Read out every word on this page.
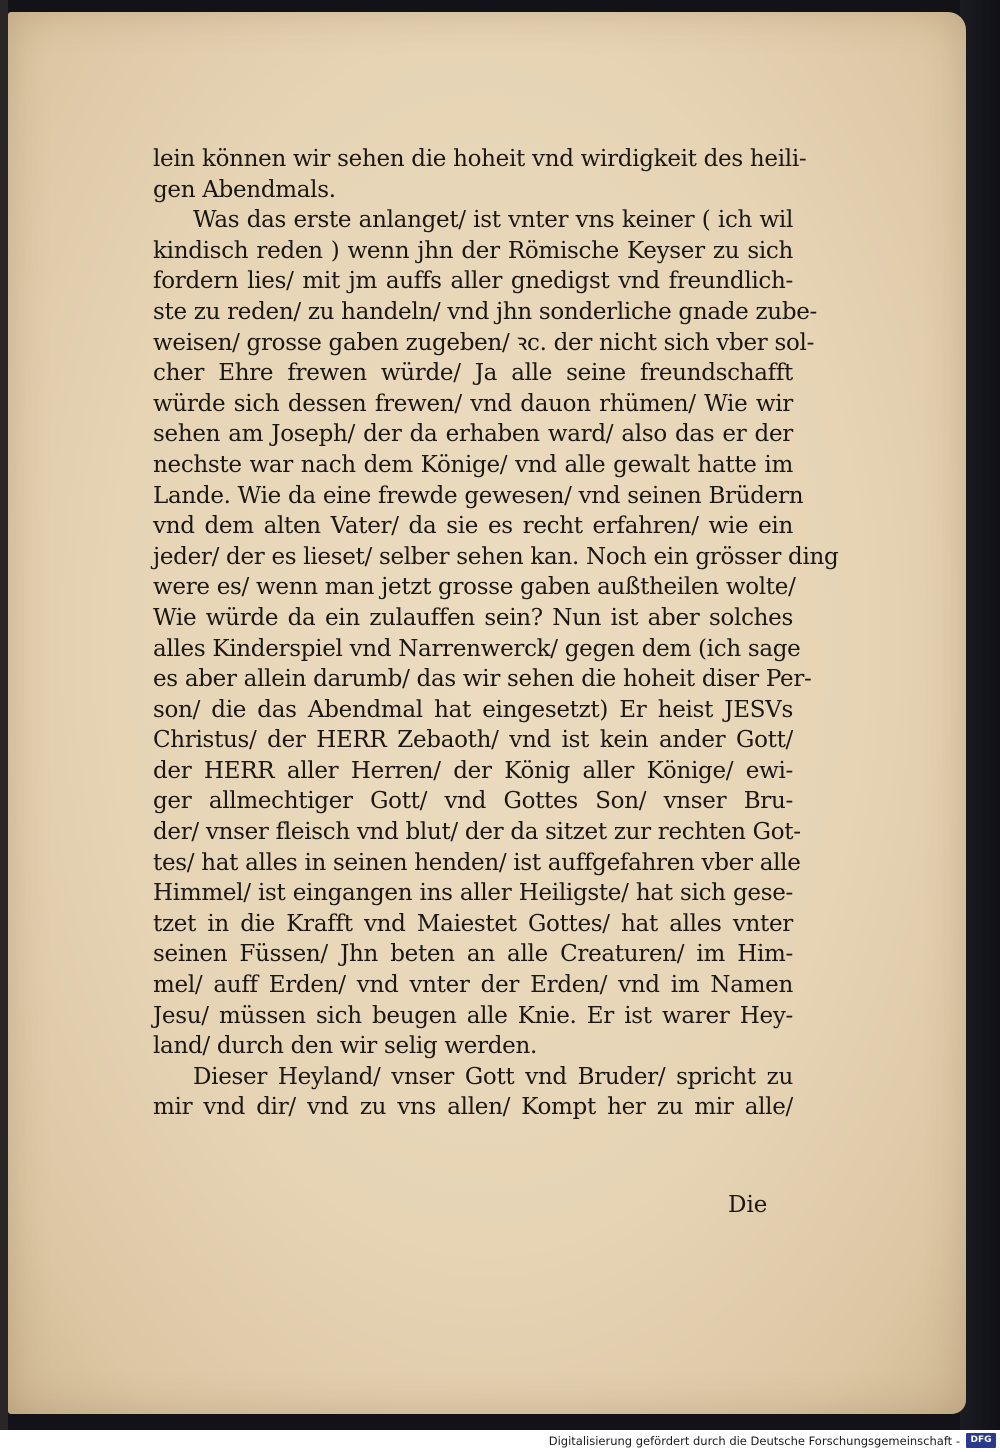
lein können wir sehen die hoheit vnd wirdigkeit des heili-
gen Abendmals.
Was das erste anlanget/ ist vnter vns keiner ( ich wil
kindisch reden ) wenn jhn der Römische Keyser zu sich
fordern lies/ mit jm auffs aller gnedigst vnd freundlich-
ste zu reden/ zu handeln/ vnd jhn sonderliche gnade zube-
weisen/ grosse gaben zugeben/ ꝛc. der nicht sich vber sol-
cher Ehre frewen würde/ Ja alle seine freundschafft
würde sich dessen frewen/ vnd dauon rhümen/ Wie wir
sehen am Joseph/ der da erhaben ward/ also das er der
nechste war nach dem Könige/ vnd alle gewalt hatte im
Lande. Wie da eine frewde gewesen/ vnd seinen Brüdern
vnd dem alten Vater/ da sie es recht erfahren/ wie ein
jeder/ der es lieset/ selber sehen kan. Noch ein grösser ding
were es/ wenn man jetzt grosse gaben außtheilen wolte/
Wie würde da ein zulauffen sein? Nun ist aber solches
alles Kinderspiel vnd Narrenwerck/ gegen dem (ich sage
es aber allein darumb/ das wir sehen die hoheit diser Per-
son/ die das Abendmal hat eingesetzt) Er heist JESVs
Christus/ der HERR Zebaoth/ vnd ist kein ander Gott/
der HERR aller Herren/ der König aller Könige/ ewi-
ger allmechtiger Gott/ vnd Gottes Son/ vnser Bru-
der/ vnser fleisch vnd blut/ der da sitzet zur rechten Got-
tes/ hat alles in seinen henden/ ist auffgefahren vber alle
Himmel/ ist eingangen ins aller Heiligste/ hat sich gese-
tzet in die Krafft vnd Maiestet Gottes/ hat alles vnter
seinen Füssen/ Jhn beten an alle Creaturen/ im Him-
mel/ auff Erden/ vnd vnter der Erden/ vnd im Namen
Jesu/ müssen sich beugen alle Knie. Er ist warer Hey-
land/ durch den wir selig werden.
Dieser Heyland/ vnser Gott vnd Bruder/ spricht zu
mir vnd dir/ vnd zu vns allen/ Kompt her zu mir alle/
Die
Digitalisierung gefördert durch die Deutsche Forschungsgemeinschaft -	DFG
